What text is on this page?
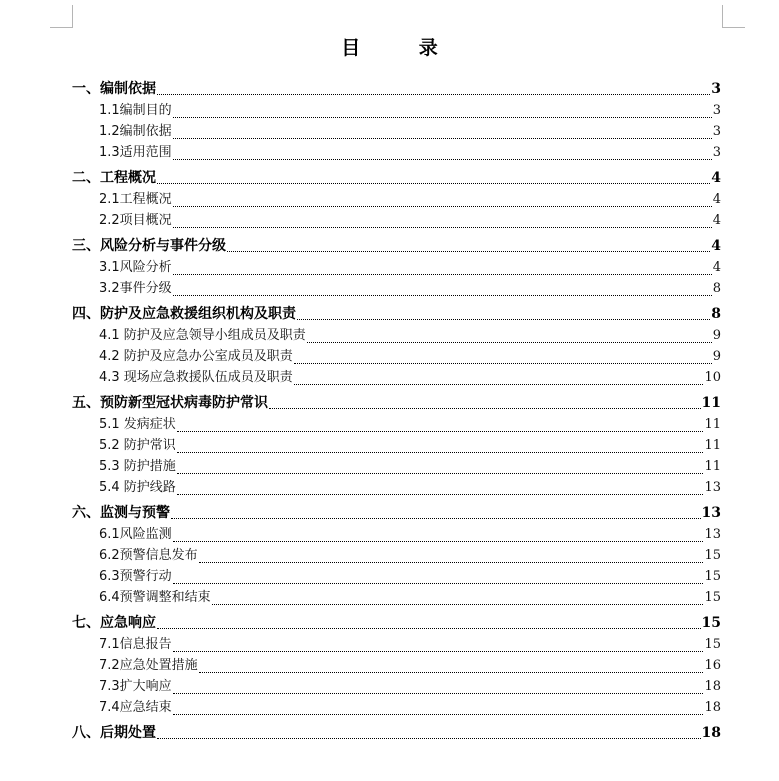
目 录
一、编制依据	3
1.1编制目的	3
1.2编制依据	3
1.3适用范围	3
二、工程概况	4
2.1工程概况	4
2.2项目概况	4
三、风险分析与事件分级	4
3.1风险分析	4
3.2事件分级	8
四、防护及应急救援组织机构及职责	8
4.1 防护及应急领导小组成员及职责	9
4.2 防护及应急办公室成员及职责	9
4.3 现场应急救援队伍成员及职责	10
五、预防新型冠状病毒防护常识	11
5.1 发病症状	11
5.2 防护常识	11
5.3 防护措施	11
5.4 防护线路	13
六、监测与预警	13
6.1风险监测	13
6.2预警信息发布	15
6.3预警行动	15
6.4预警调整和结束	15
七、应急响应	15
7.1信息报告	15
7.2应急处置措施	16
7.3扩大响应	18
7.4应急结束	18
八、后期处置	18
